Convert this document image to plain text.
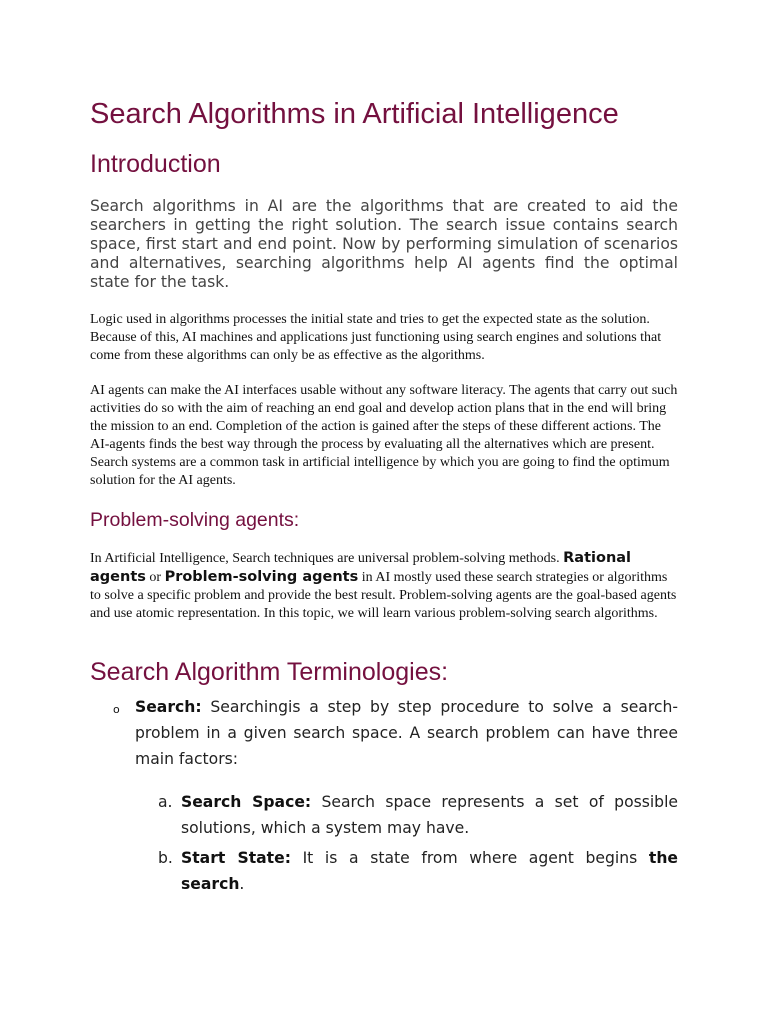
Search Algorithms in Artificial Intelligence
Introduction

Search algorithms in AI are the algorithms that are created to aid the searchers in getting the right solution. The search issue contains search space, first start and end point. Now by performing simulation of scenarios and alternatives, searching algorithms help AI agents find the optimal state for the task.

Logic used in algorithms processes the initial state and tries to get the expected state as the solution. Because of this, AI machines and applications just functioning using search engines and solutions that come from these algorithms can only be as effective as the algorithms.

AI agents can make the AI interfaces usable without any software literacy. The agents that carry out such activities do so with the aim of reaching an end goal and develop action plans that in the end will bring the mission to an end. Completion of the action is gained after the steps of these different actions. The AI-agents finds the best way through the process by evaluating all the alternatives which are present. Search systems are a common task in artificial intelligence by which you are going to find the optimum solution for the AI agents.

Problem-solving agents:

In Artificial Intelligence, Search techniques are universal problem-solving methods. Rational agents or Problem-solving agents in AI mostly used these search strategies or algorithms to solve a specific problem and provide the best result. Problem-solving agents are the goal-based agents and use atomic representation. In this topic, we will learn various problem-solving search algorithms.

Search Algorithm Terminologies:
o Search: Searchingis a step by step procedure to solve a search-problem in a given search space. A search problem can have three main factors:

a. Search Space: Search space represents a set of possible solutions, which a system may have.

b. Start State: It is a state from where agent begins the search.
